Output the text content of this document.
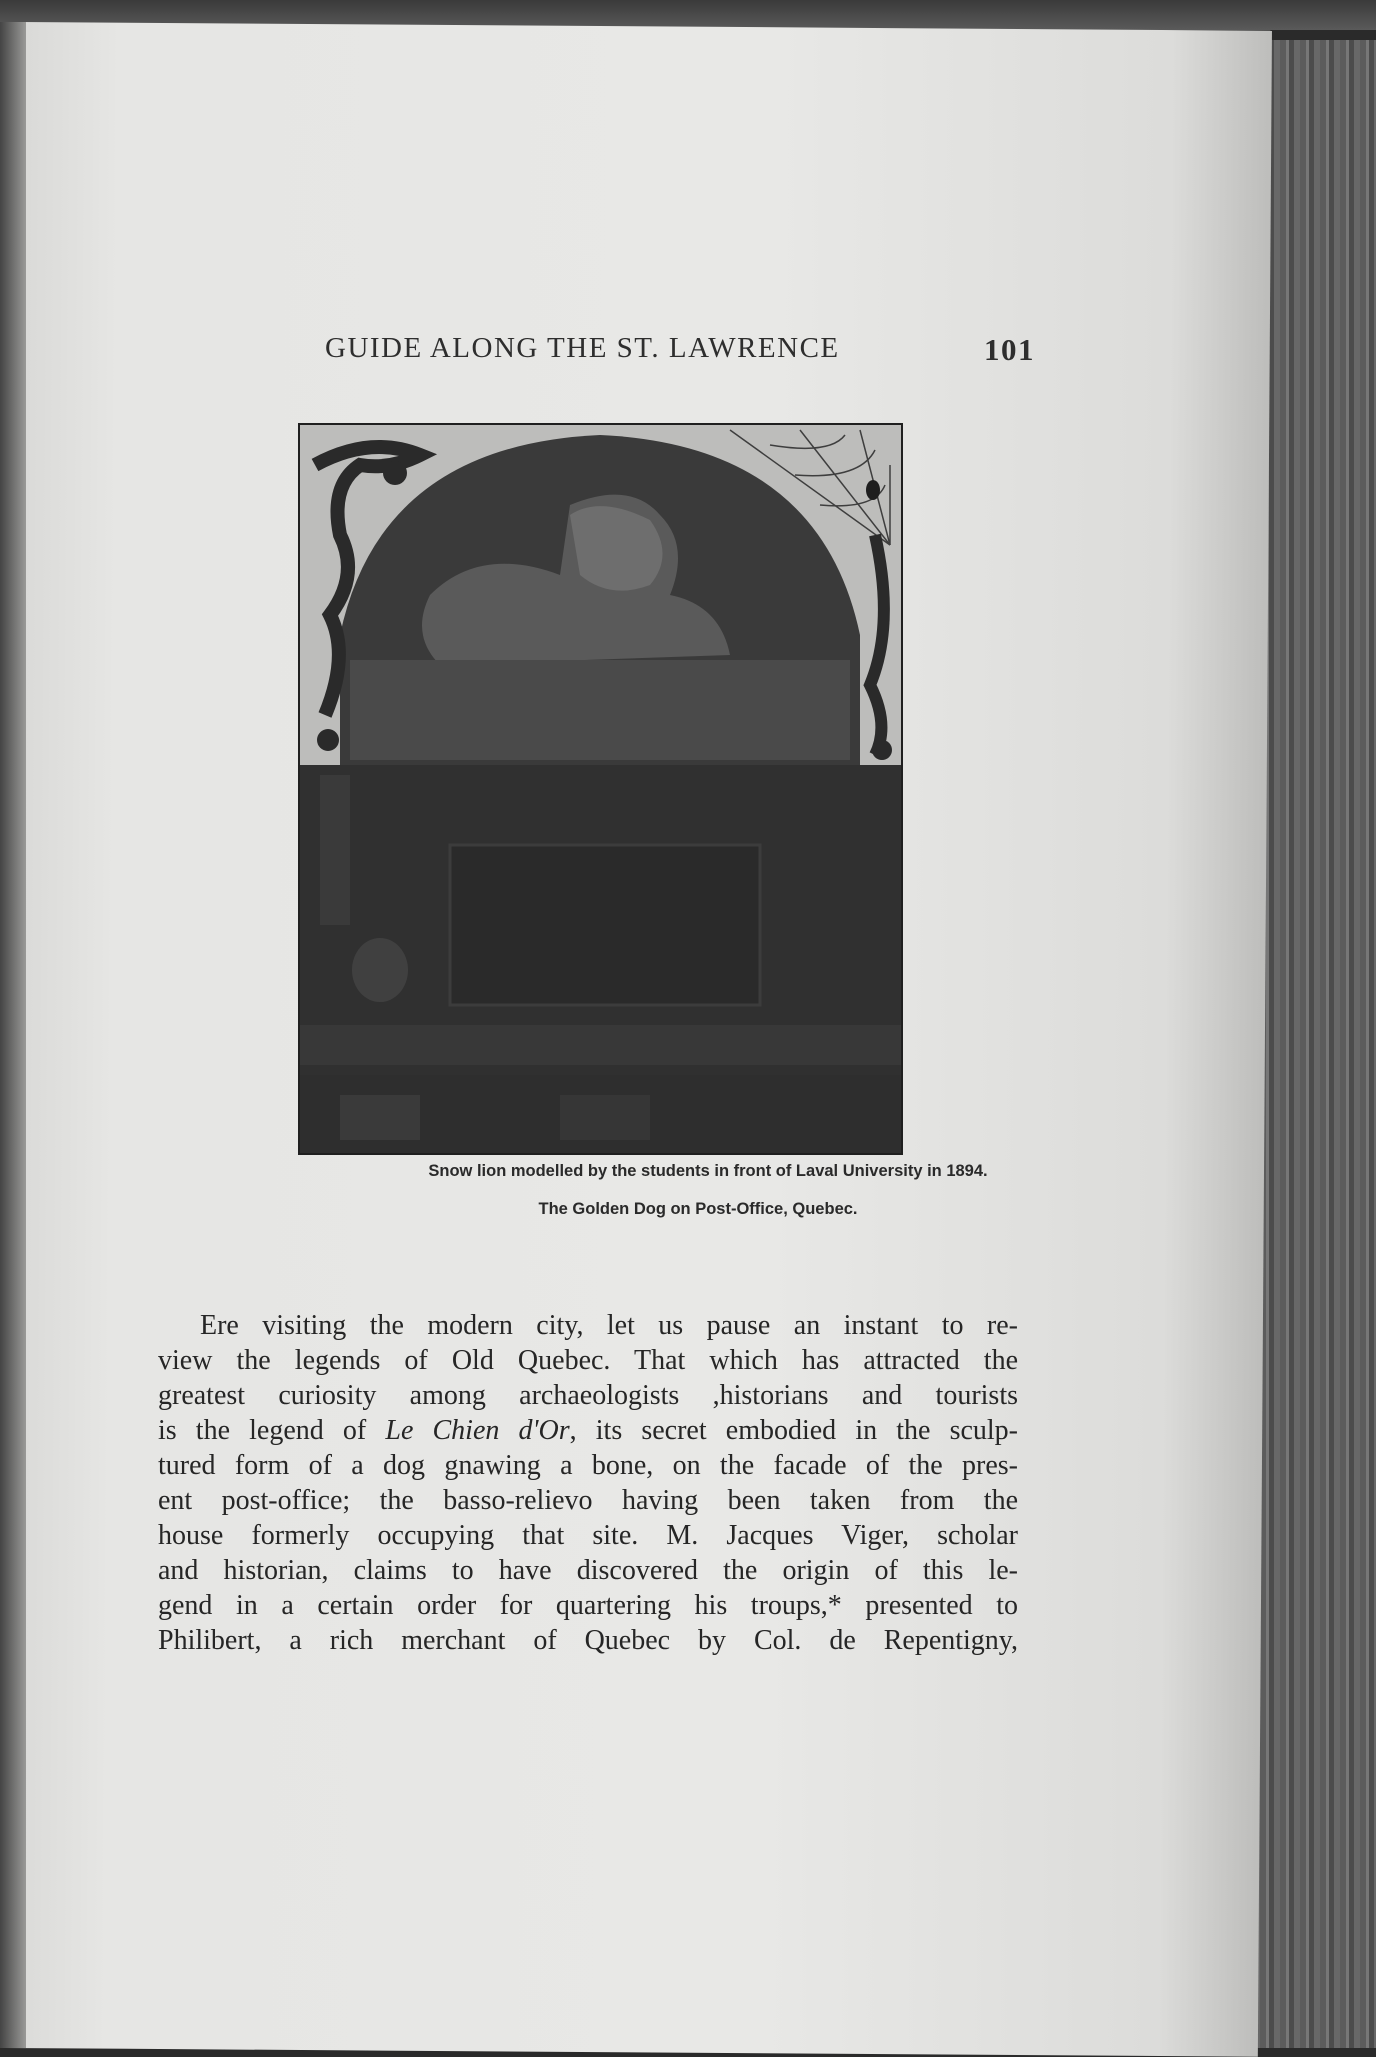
GUIDE ALONG THE ST. LAWRENCE	101
Snow lion modelled by the students in front of Laval University in 1894.
The Golden Dog on Post-Office, Quebec.
Ere visiting the modern city, let us pause an instant to re-
view the legends of Old Quebec. That which has attracted the
greatest curiosity among archaeologists ,historians and tourists
is the legend of Le Chien d'Or, its secret embodied in the sculp-
tured form of a dog gnawing a bone, on the facade of the pres-
ent post-office; the basso-relievo having been taken from the
house formerly occupying that site. M. Jacques Viger, scholar
and historian, claims to have discovered the origin of this le-
gend in a certain order for quartering his troups,* presented to
Philibert, a rich merchant of Quebec by Col. de Repentigny,
